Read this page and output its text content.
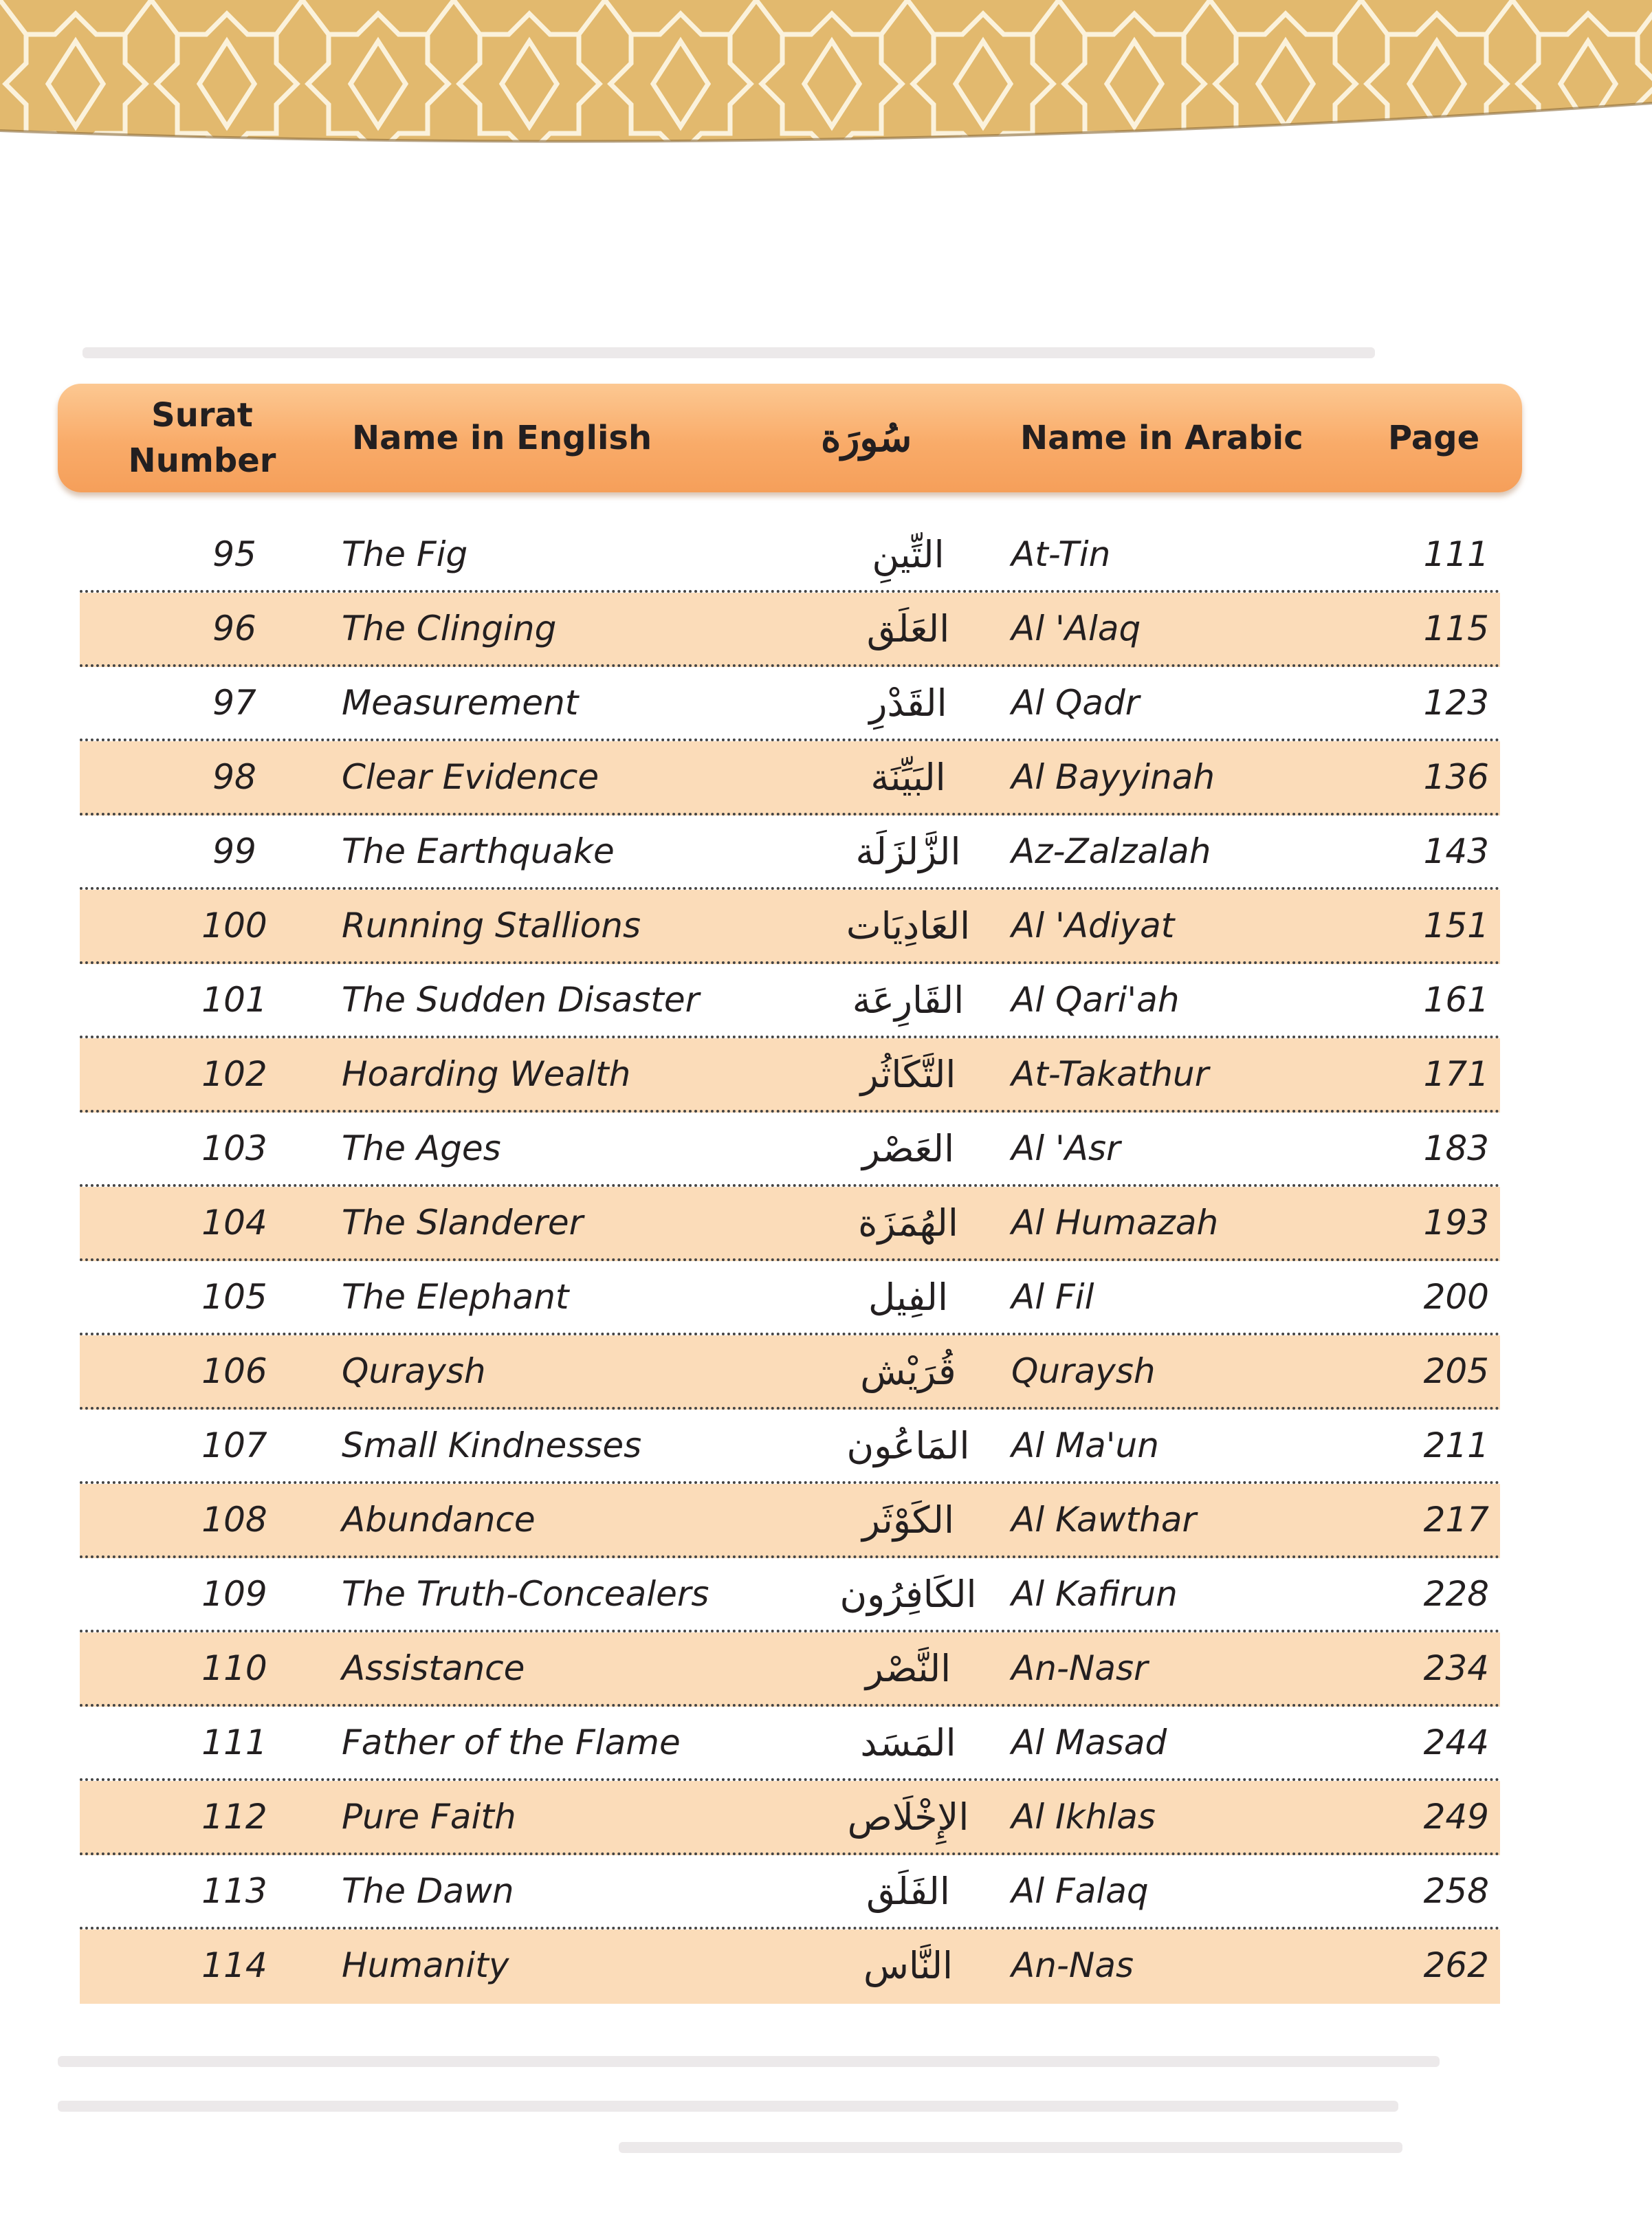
Surat
Number
Name in English	سُورَة	Name in Arabic	Page
95	The Fig	التِّينِ	At-Tin	111
96	The Clinging	العَلَق	Al 'Alaq	115
97	Measurement	القَدْرِ	Al Qadr	123
98	Clear Evidence	البَيِّنَة	Al Bayyinah	136
99	The Earthquake	الزَّلزَلَة	Az-Zalzalah	143
100	Running Stallions	العَادِيَات	Al 'Adiyat	151
101	The Sudden Disaster	القَارِعَة	Al Qari'ah	161
102	Hoarding Wealth	التَّكَاثُر	At-Takathur	171
103	The Ages	العَصْر	Al 'Asr	183
104	The Slanderer	الهُمَزَة	Al Humazah	193
105	The Elephant	الفِيل	Al Fil	200
106	Quraysh	قُرَيْش	Quraysh	205
107	Small Kindnesses	المَاعُون	Al Ma'un	211
108	Abundance	الكَوْثَر	Al Kawthar	217
109	The Truth-Concealers	الكَافِرُون	Al Kafirun	228
110	Assistance	النَّصْر	An-Nasr	234
111	Father of the Flame	المَسَد	Al Masad	244
112	Pure Faith	الإِخْلَاص	Al Ikhlas	249
113	The Dawn	الفَلَق	Al Falaq	258
114	Humanity	النَّاس	An-Nas	262
